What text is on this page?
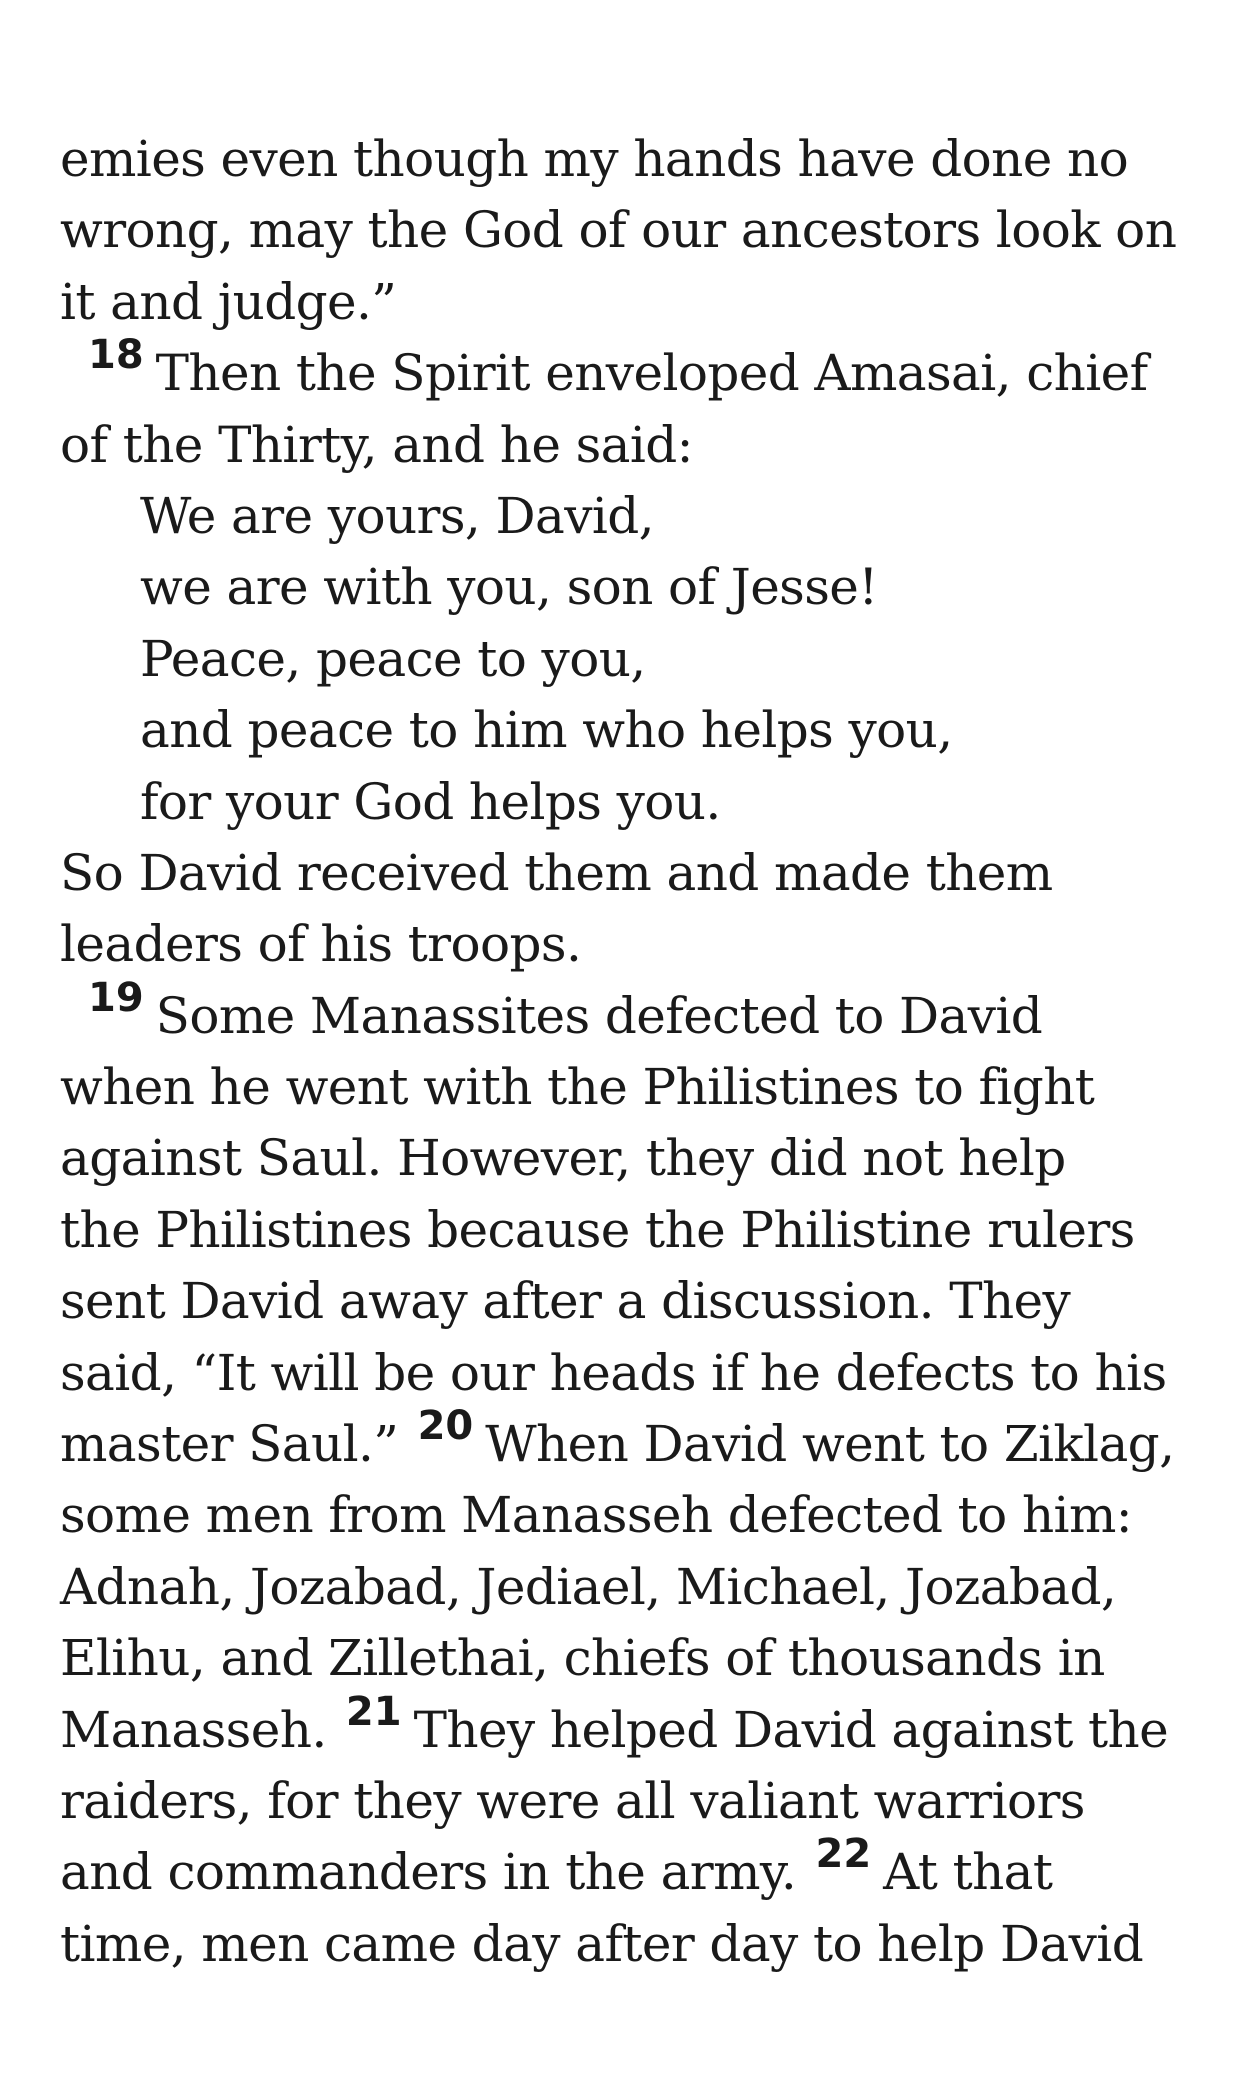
emies even though my hands have done no
wrong, may the God of our ancestors look on
it and judge.”
$^{18}$ Then the Spirit enveloped Amasai, chief
of the Thirty, and he said:
We are yours, David,
we are with you, son of Jesse!
Peace, peace to you,
and peace to him who helps you,
for your God helps you.
So David received them and made them
leaders of his troops.
$^{19}$ Some Manassites defected to David
when he went with the Philistines to fight
against Saul. However, they did not help
the Philistines because the Philistine rulers
sent David away after a discussion. They
said, “It will be our heads if he defects to his
master Saul.” $^{20}$ When David went to Ziklag,
some men from Manasseh defected to him:
Adnah, Jozabad, Jediael, Michael, Jozabad,
Elihu, and Zillethai, chiefs of thousands in
Manasseh. $^{21}$ They helped David against the
raiders, for they were all valiant warriors
and commanders in the army. $^{22}$ At that
time, men came day after day to help David
